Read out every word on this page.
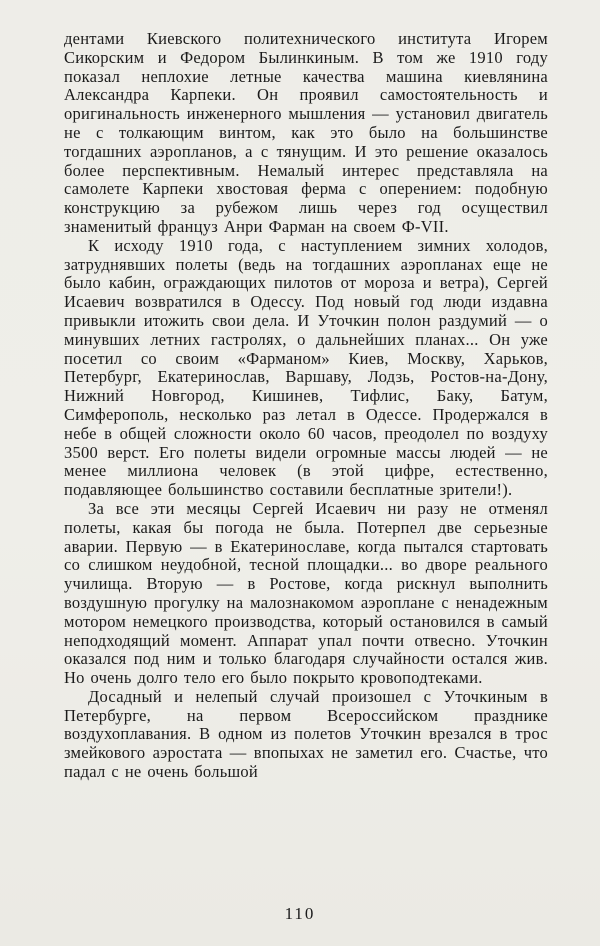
дентами Киевского политехнического института Игорем Сикорским и Федором Былинкиным. В том же 1910 году показал неплохие летные качества машина киевлянина Александра Карпеки. Он проявил самостоятельность и оригинальность инженерного мышления — установил двигатель не с толкающим винтом, как это было на большинстве тогдашних аэропланов, а с тянущим. И это решение оказалось более перспективным. Немалый интерес представляла на самолете Карпеки хвостовая ферма с оперением: подобную конструкцию за рубежом лишь через год осуществил знаменитый француз Анри Фарман на своем Ф-VII.

К исходу 1910 года, с наступлением зимних холодов, затруднявших полеты (ведь на тогдашних аэропланах еще не было кабин, ограждающих пилотов от мороза и ветра), Сергей Исаевич возвратился в Одессу. Под новый год люди издавна привыкли итожить свои дела. И Уточкин полон раздумий — о минувших летних гастролях, о дальнейших планах... Он уже посетил со своим «Фарманом» Киев, Москву, Харьков, Петербург, Екатеринослав, Варшаву, Лодзь, Ростов-на-Дону, Нижний Новгород, Кишинев, Тифлис, Баку, Батум, Симферополь, несколько раз летал в Одессе. Продержался в небе в общей сложности около 60 часов, преодолел по воздуху 3500 верст. Его полеты видели огромные массы людей — не менее миллиона человек (в этой цифре, естественно, подавляющее большинство составили бесплатные зрители!).

За все эти месяцы Сергей Исаевич ни разу не отменял полеты, какая бы погода не была. Потерпел две серьезные аварии. Первую — в Екатеринославе, когда пытался стартовать со слишком неудобной, тесной площадки... во дворе реального училища. Вторую — в Ростове, когда рискнул выполнить воздушную прогулку на малознакомом аэроплане с ненадежным мотором немецкого производства, который остановился в самый неподходящий момент. Аппарат упал почти отвесно. Уточкин оказался под ним и только благодаря случайности остался жив. Но очень долго тело его было покрыто кровоподтеками.

Досадный и нелепый случай произошел с Уточкиным в Петербурге, на первом Всероссийском празднике воздухоплавания. В одном из полетов Уточкин врезался в трос змейкового аэростата — впопыхах не заметил его. Счастье, что падал с не очень большой

110
